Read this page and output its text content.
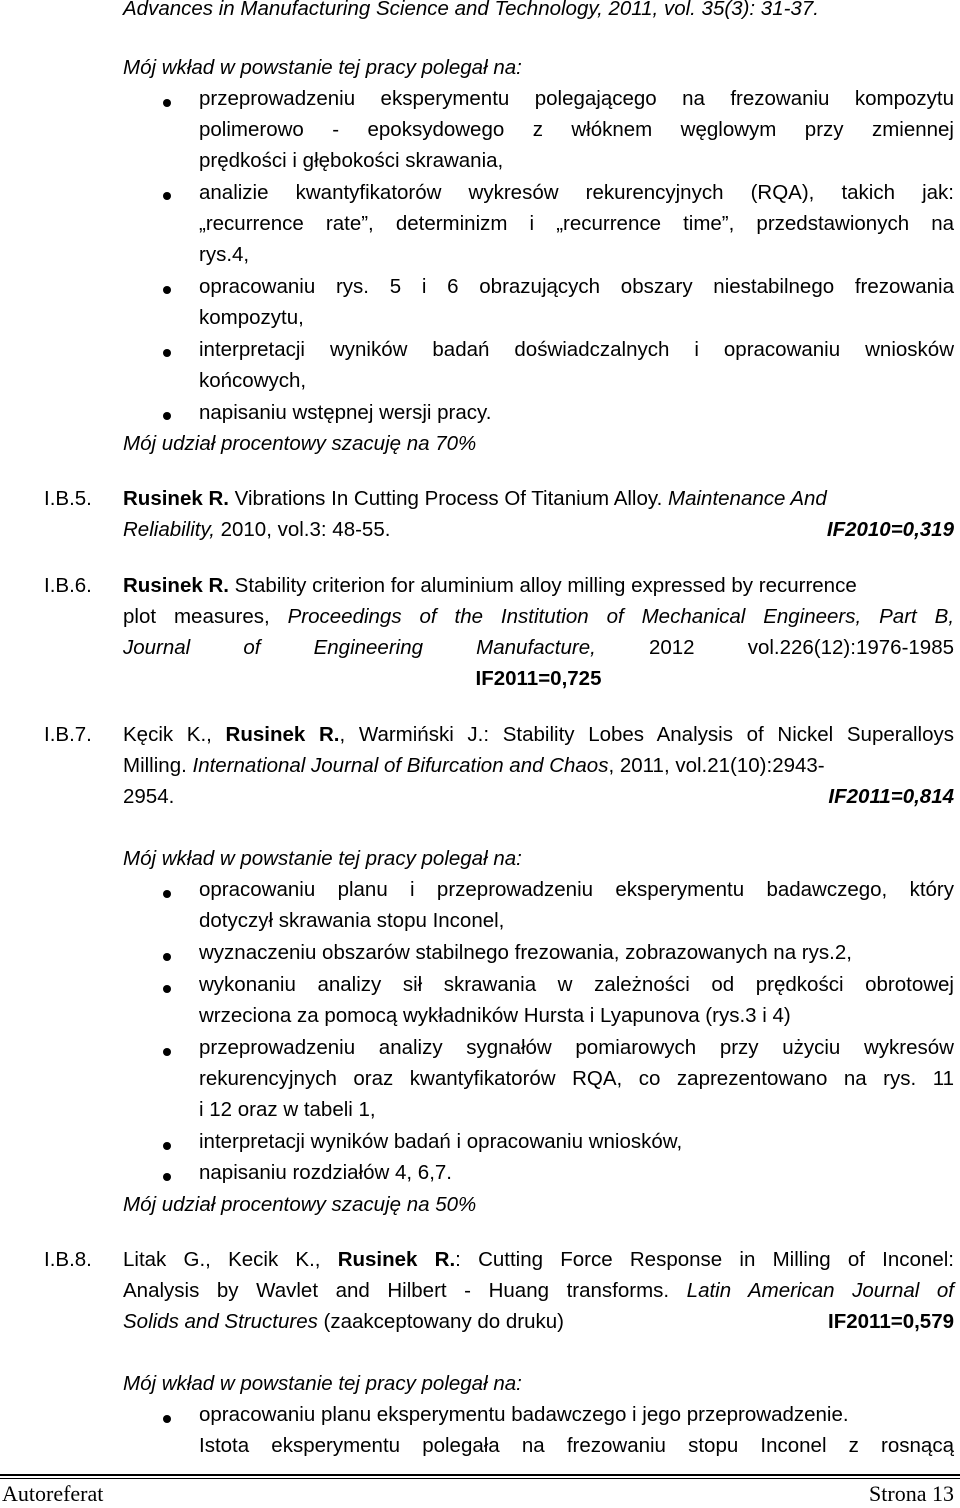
Advances in Manufacturing Science and Technology, 2011, vol. 35(3): 31-37.
Mój wkład w powstanie tej pracy polegał na:
przeprowadzeniu eksperymentu polegającego na frezowaniu kompozytu
polimerowo - epoksydowego z włóknem węglowym przy zmiennej
prędkości i głębokości skrawania,
analizie kwantyfikatorów wykresów rekurencyjnych (RQA), takich jak:
„recurrence rate”, determinizm i „recurrence time”, przedstawionych na
rys.4,
opracowaniu rys. 5 i 6 obrazujących obszary niestabilnego frezowania
kompozytu,
interpretacji wyników badań doświadczalnych i opracowaniu wniosków
końcowych,
napisaniu wstępnej wersji pracy.
Mój udział procentowy szacuję na 70%
I.B.5. Rusinek R. Vibrations In Cutting Process Of Titanium Alloy. Maintenance And
Reliability, 2010, vol.3: 48-55.	IF2010=0,319
I.B.6. Rusinek R. Stability criterion for aluminium alloy milling expressed by recurrence
plot measures, Proceedings of the Institution of Mechanical Engineers, Part B,
Journal of Engineering Manufacture,	2012	vol.226(12):1976-1985
IF2011=0,725
I.B.7. Kęcik K., Rusinek R., Warmiński J.: Stability Lobes Analysis of Nickel Superalloys
Milling. International Journal of Bifurcation and Chaos, 2011, vol.21(10):2943-
2954.	IF2011=0,814
Mój wkład w powstanie tej pracy polegał na:
opracowaniu planu i przeprowadzeniu eksperymentu badawczego, który
dotyczył skrawania stopu Inconel,
wyznaczeniu obszarów stabilnego frezowania, zobrazowanych na rys.2,
wykonaniu analizy sił skrawania w zależności od prędkości obrotowej
wrzeciona za pomocą wykładników Hursta i Lyapunova (rys.3 i 4)
przeprowadzeniu analizy sygnałów pomiarowych przy użyciu wykresów
rekurencyjnych oraz kwantyfikatorów RQA, co zaprezentowano na rys. 11
i 12 oraz w tabeli 1,
interpretacji wyników badań i opracowaniu wniosków,
napisaniu rozdziałów 4, 6,7.
Mój udział procentowy szacuję na 50%
I.B.8. Litak G., Kecik K., Rusinek R.: Cutting Force Response in Milling of Inconel:
Analysis by Wavlet and Hilbert - Huang transforms. Latin American Journal of
Solids and Structures (zaakceptowany do druku)	IF2011=0,579
Mój wkład w powstanie tej pracy polegał na:
opracowaniu planu eksperymentu badawczego i jego przeprowadzenie.
Istota eksperymentu polegała na frezowaniu stopu Inconel z rosnącą
Autoreferat	Strona 13
